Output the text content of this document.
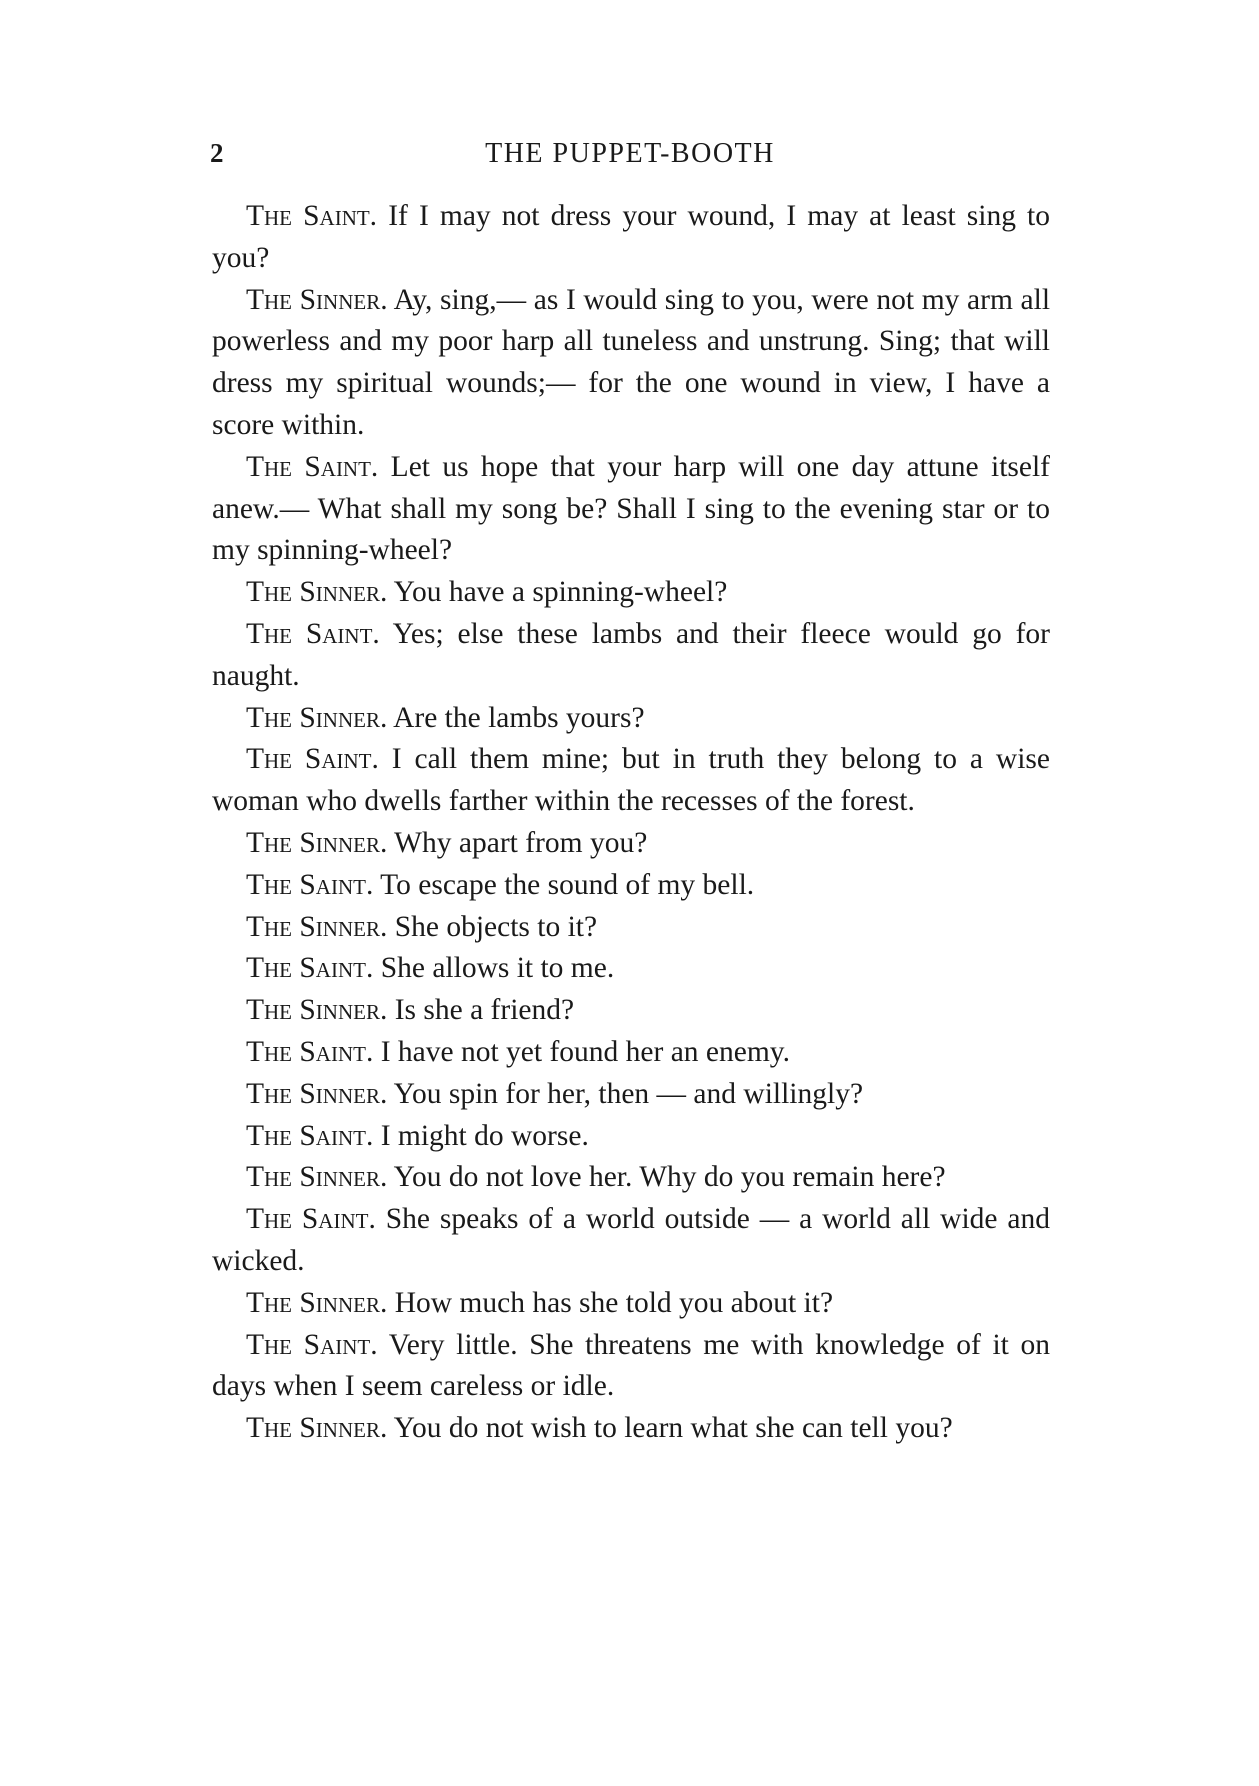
2	THE PUPPET-BOOTH

The Saint. If I may not dress your wound, I may at least sing to you?

The Sinner. Ay, sing,— as I would sing to you, were not my arm all powerless and my poor harp all tuneless and unstrung. Sing; that will dress my spiritual wounds;— for the one wound in view, I have a score within.

The Saint. Let us hope that your harp will one day attune itself anew.— What shall my song be? Shall I sing to the evening star or to my spinning-wheel?

The Sinner. You have a spinning-wheel?

The Saint. Yes; else these lambs and their fleece would go for naught.

The Sinner. Are the lambs yours?

The Saint. I call them mine; but in truth they belong to a wise woman who dwells farther within the recesses of the forest.

The Sinner. Why apart from you?

The Saint. To escape the sound of my bell.

The Sinner. She objects to it?

The Saint. She allows it to me.

The Sinner. Is she a friend?

The Saint. I have not yet found her an enemy.

The Sinner. You spin for her, then — and willingly?

The Saint. I might do worse.

The Sinner. You do not love her. Why do you remain here?

The Saint. She speaks of a world outside — a world all wide and wicked.

The Sinner. How much has she told you about it?

The Saint. Very little. She threatens me with knowledge of it on days when I seem careless or idle.

The Sinner. You do not wish to learn what she can tell you?
